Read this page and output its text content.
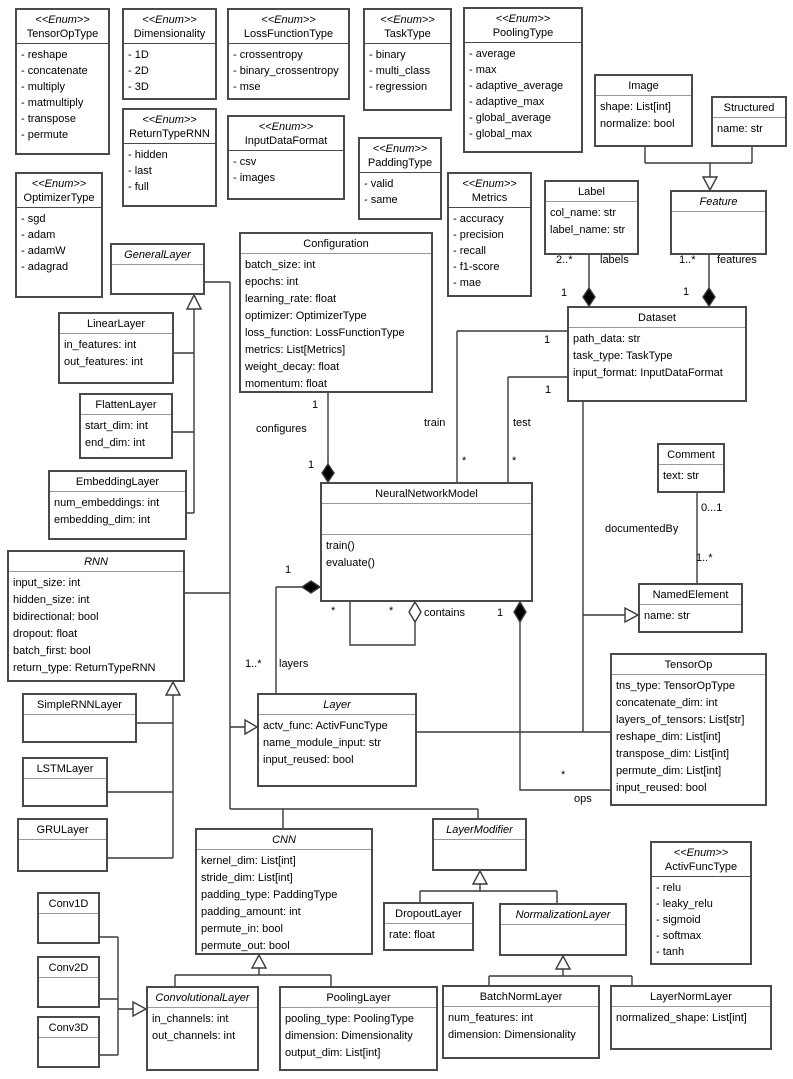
<<Enum>>
TensorOpType
- reshape
- concatenate
- multiply
- matmultiply
- transpose
- permute
<<Enum>>
Dimensionality
- 1D
- 2D
- 3D
<<Enum>>
LossFunctionType
- crossentropy
- binary_crossentropy
- mse
<<Enum>>
TaskType
- binary
- multi_class
- regression
<<Enum>>
PoolingType
- average
- max
- adaptive_average
- adaptive_max
- global_average
- global_max
<<Enum>>
ReturnTypeRNN
- hidden
- last
- full
<<Enum>>
InputDataFormat
- csv
- images
<<Enum>>
PaddingType
- valid
- same
<<Enum>>
Metrics
- accuracy
- precision
- recall
- f1-score
- mae
<<Enum>>
OptimizerType
- sgd
- adam
- adamW
- adagrad
<<Enum>>
ActivFuncType
- relu
- leaky_relu
- sigmoid
- softmax
- tanh
Image
shape: List[int]
normalize: bool
Structured
name: str
Label
col_name: str
label_name: str
Feature
Dataset
path_data: str
task_type: TaskType
input_format: InputDataFormat
Configuration
batch_size: int
epochs: int
learning_rate: float
optimizer: OptimizerType
loss_function: LossFunctionType
metrics: List[Metrics]
weight_decay: float
momentum: float
GeneralLayer
LinearLayer
in_features: int
out_features: int
FlattenLayer
start_dim: int
end_dim: int
EmbeddingLayer
num_embeddings: int
embedding_dim: int
RNN
input_size: int
hidden_size: int
bidirectional: bool
dropout: float
batch_first: bool
return_type: ReturnTypeRNN
SimpleRNNLayer
LSTMLayer
GRULayer
NeuralNetworkModel
train()
evaluate()
Comment
text: str
NamedElement
name: str
TensorOp
tns_type: TensorOpType
concatenate_dim: int
layers_of_tensors: List[str]
reshape_dim: List[int]
transpose_dim: List[int]
permute_dim: List[int]
input_reused: bool
Layer
actv_func: ActivFuncType
name_module_input: str
input_reused: bool
CNN
kernel_dim: List[int]
stride_dim: List[int]
padding_type: PaddingType
padding_amount: int
permute_in: bool
permute_out: bool
LayerModifier
DropoutLayer
rate: float
NormalizationLayer
BatchNormLayer
num_features: int
dimension: Dimensionality
LayerNormLayer
normalized_shape: List[int]
ConvolutionalLayer
in_channels: int
out_channels: int
PoolingLayer
pooling_type: PoolingType
dimension: Dimensionality
output_dim: List[int]
Conv1D
Conv2D
Conv3D
2..* labels
1
1..* features
1
1
configures
1
train
*
1
test
*
1
1
1..* layers
*	*	contains	1
*
ops
0...1
documentedBy
1..*
